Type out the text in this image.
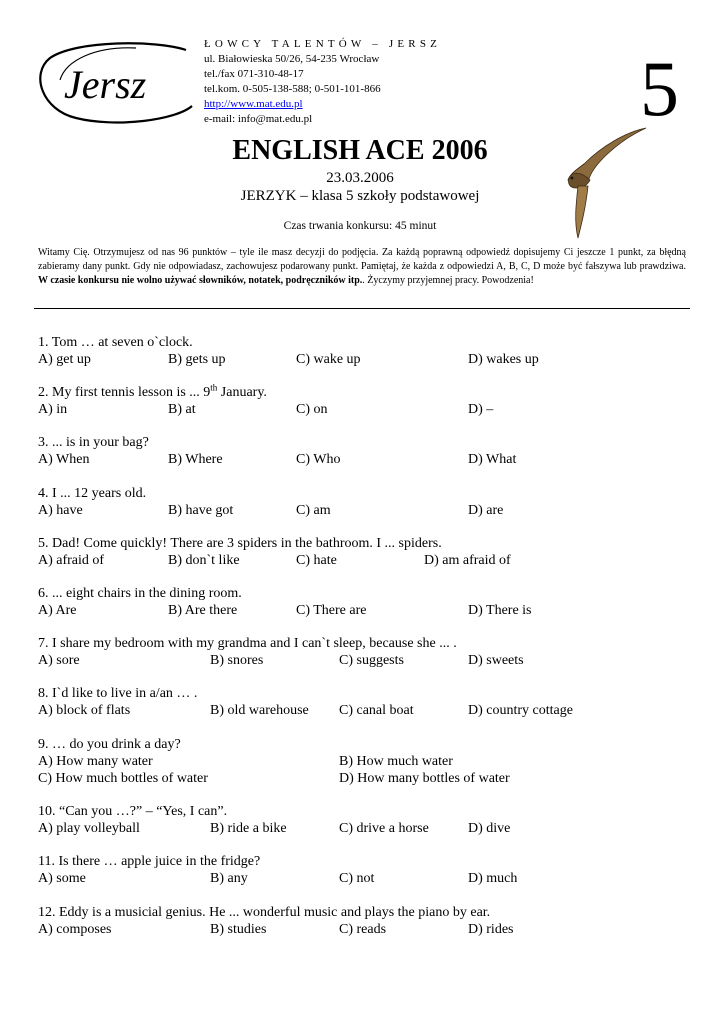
Jersz
ŁOWCY TALENTÓW – JERSZ
ul. Białowieska 50/26, 54-235 Wrocław
tel./fax 071-310-48-17
tel.kom. 0-505-138-588; 0-501-101-866
http://www.mat.edu.pl
e-mail: info@mat.edu.pl	5
ENGLISH ACE 2006
23.03.2006
JERZYK – klasa 5 szkoły podstawowej
Czas trwania konkursu: 45 minut
Witamy Cię. Otrzymujesz od nas 96 punktów – tyle ile masz decyzji do podjęcia. Za każdą poprawną odpowiedź dopisujemy Ci jeszcze 1 punkt, za błędną zabieramy dany punkt. Gdy nie odpowiadasz, zachowujesz podarowany punkt. Pamiętaj, że każda z odpowiedzi A, B, C, D może być fałszywa lub prawdziwa. W czasie konkursu nie wolno używać słowników, notatek, podręczników itp.. Życzymy przyjemnej pracy. Powodzenia!
1. Tom … at seven o`clock.
A) get up	B) gets up	C) wake up	D) wakes up
2. My first tennis lesson is ... 9th January.
A) in	B) at	C) on	D) –
3. ... is in your bag?
A) When	B) Where	C) Who	D) What
4. I ... 12 years old.
A) have	B) have got	C) am	D) are
5. Dad! Come quickly! There are 3 spiders in the bathroom. I ... spiders.
A) afraid of	B) don`t like	C) hate	D) am afraid of
6. ... eight chairs in the dining room.
A) Are	B) Are there	C) There are	D) There is
7. I share my bedroom with my grandma and I can`t sleep, because she ... .
A) sore	B) snores	C) suggests	D) sweets
8. I`d like to live in a/an … .
A) block of flats	B) old warehouse C) canal boat	D) country cottage
9. … do you drink a day?
A) How many water	B) How much water
C) How much bottles of water	D) How many bottles of water
10. “Can you …?” – “Yes, I can”.
A) play volleyball	B) ride a bike	C) drive a horse	D) dive
11. Is there … apple juice in the fridge?
A) some	B) any	C) not	D) much
12. Eddy is a musicial genius. He ... wonderful music and plays the piano by ear.
A) composes	B) studies	C) reads	D) rides
